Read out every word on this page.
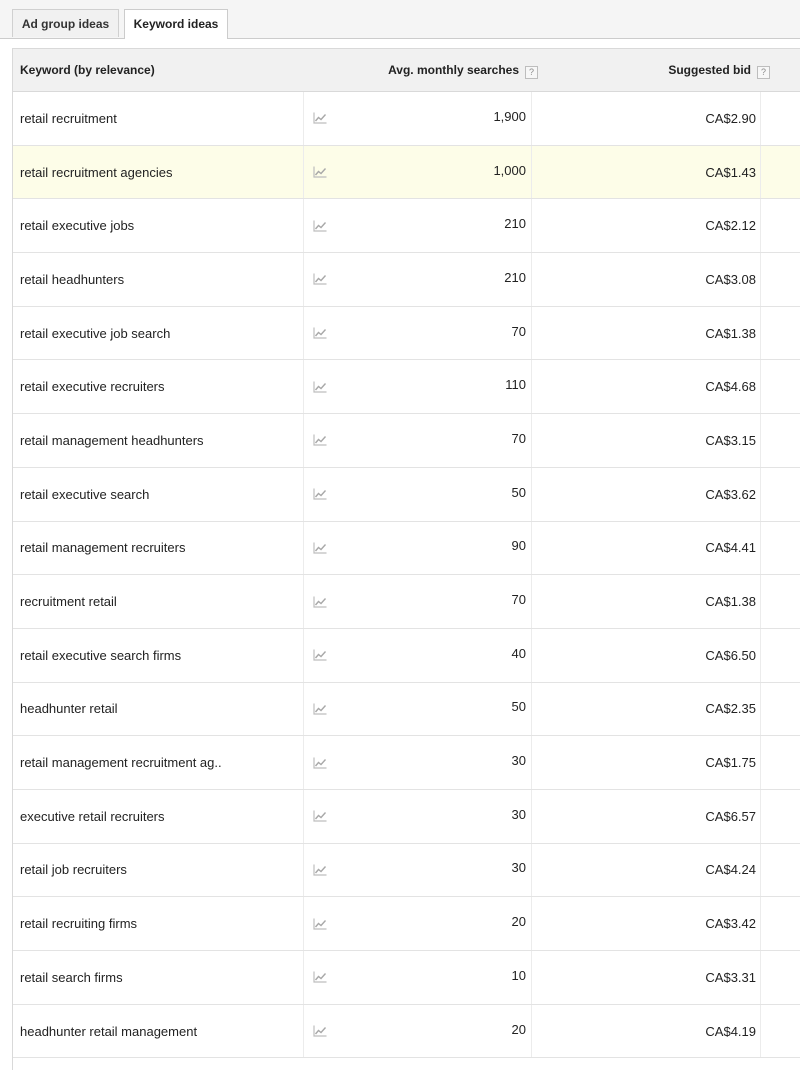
Ad group ideas	Keyword ideas
Keyword (by relevance)	Avg. monthly searches ?	Suggested bid ?
retail recruitment	1,900	CA$2.90
retail recruitment agencies	1,000	CA$1.43
retail executive jobs	210	CA$2.12
retail headhunters	210	CA$3.08
retail executive job search	70	CA$1.38
retail executive recruiters	110	CA$4.68
retail management headhunters	70	CA$3.15
retail executive search	50	CA$3.62
retail management recruiters	90	CA$4.41
recruitment retail	70	CA$1.38
retail executive search firms	40	CA$6.50
headhunter retail	50	CA$2.35
retail management recruitment ag..	30	CA$1.75
executive retail recruiters	30	CA$6.57
retail job recruiters	30	CA$4.24
retail recruiting firms	20	CA$3.42
retail search firms	10	CA$3.31
headhunter retail management	20	CA$4.19
